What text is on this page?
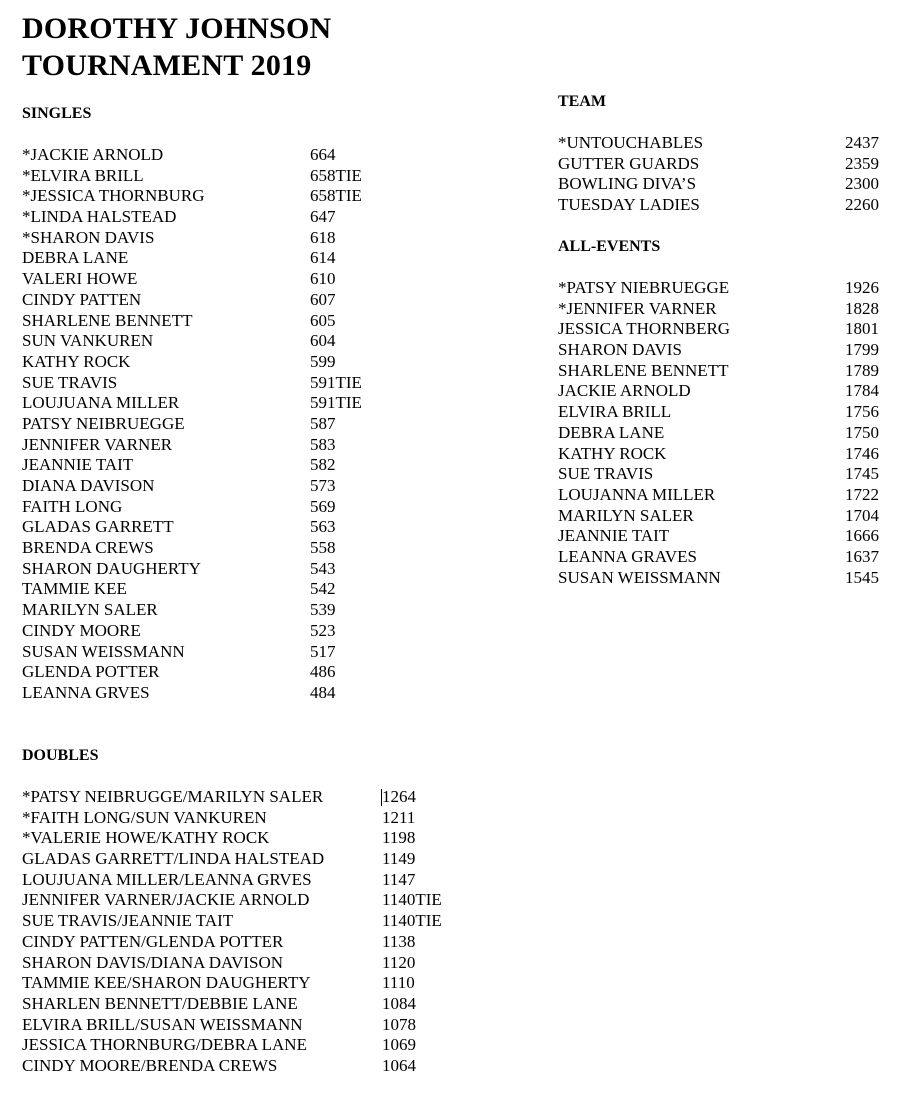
DOROTHY JOHNSON
TOURNAMENT 2019
SINGLES
*JACKIE ARNOLD	664
*ELVIRA BRILL	658TIE
*JESSICA THORNBURG	658TIE
*LINDA HALSTEAD	647
*SHARON DAVIS	618
DEBRA LANE	614
VALERI HOWE	610
CINDY PATTEN	607
SHARLENE BENNETT	605
SUN VANKUREN	604
KATHY ROCK	599
SUE TRAVIS	591TIE
LOUJUANA MILLER	591TIE
PATSY NEIBRUEGGE	587
JENNIFER VARNER	583
JEANNIE TAIT	582
DIANA DAVISON	573
FAITH LONG	569
GLADAS GARRETT	563
BRENDA CREWS	558
SHARON DAUGHERTY	543
TAMMIE KEE	542
MARILYN SALER	539
CINDY MOORE	523
SUSAN WEISSMANN	517
GLENDA POTTER	486
LEANNA GRVES	484
TEAM
*UNTOUCHABLES	2437
GUTTER GUARDS	2359
BOWLING DIVA’S	2300
TUESDAY LADIES	2260
ALL-EVENTS
*PATSY NIEBRUEGGE	1926
*JENNIFER VARNER	1828
JESSICA THORNBERG	1801
SHARON DAVIS	1799
SHARLENE BENNETT	1789
JACKIE ARNOLD	1784
ELVIRA BRILL	1756
DEBRA LANE	1750
KATHY ROCK	1746
SUE TRAVIS	1745
LOUJANNA MILLER	1722
MARILYN SALER	1704
JEANNIE TAIT	1666
LEANNA GRAVES	1637
SUSAN WEISSMANN	1545
DOUBLES
*PATSY NEIBRUGGE/MARILYN SALER	1264
*FAITH LONG/SUN VANKUREN	1211
*VALERIE HOWE/KATHY ROCK	1198
GLADAS GARRETT/LINDA HALSTEAD	1149
LOUJUANA MILLER/LEANNA GRVES	1147
JENNIFER VARNER/JACKIE ARNOLD	1140TIE
SUE TRAVIS/JEANNIE TAIT	1140TIE
CINDY PATTEN/GLENDA POTTER	1138
SHARON DAVIS/DIANA DAVISON	1120
TAMMIE KEE/SHARON DAUGHERTY	1110
SHARLEN BENNETT/DEBBIE LANE	1084
ELVIRA BRILL/SUSAN WEISSMANN	1078
JESSICA THORNBURG/DEBRA LANE	1069
CINDY MOORE/BRENDA CREWS	1064
